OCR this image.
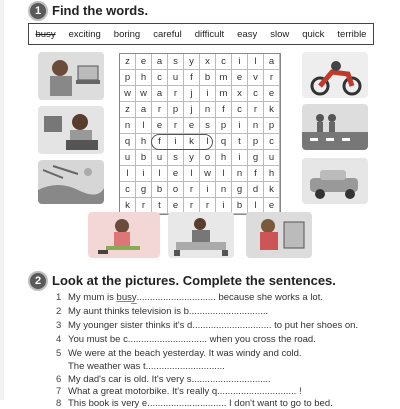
1 Find the words.
busy exciting boring careful difficult easy slow quick terrible
z	e	a	s	y	x	c	i	l	a
p	h	c	u	f	b m e	v	r
w w	a	r	j	i	m	x	c	e
z	a	r	p	j	n	f	c	r	k
n	l	e	r	e	s	p	i	n	p
q	h	f	i	k	l	q	t	p	c
u	b	u	s	y	o	h	i	g	u
l	i	l	e	l	w	l	n	f	h
c	g	b	o	r	i	n	g	d	k
k	r	t	e	r	r	i	b	l	e
2 Look at the pictures. Complete the sentences.
1 My mum is b̲u̲s̲y̲.............................. because she works a lot.
2 My aunt thinks television is b..............................
3 My younger sister thinks it's d.............................. to put her shoes on.
4 You must be c.............................. when you cross the road.
5 We were at the beach yesterday. It was windy and cold.
The weather was t..............................
6 My dad's car is old. It's very s..............................
7 What a great motorbike. It's really q.............................. !
8 This book is very e.............................. I don't want to go to bed.
